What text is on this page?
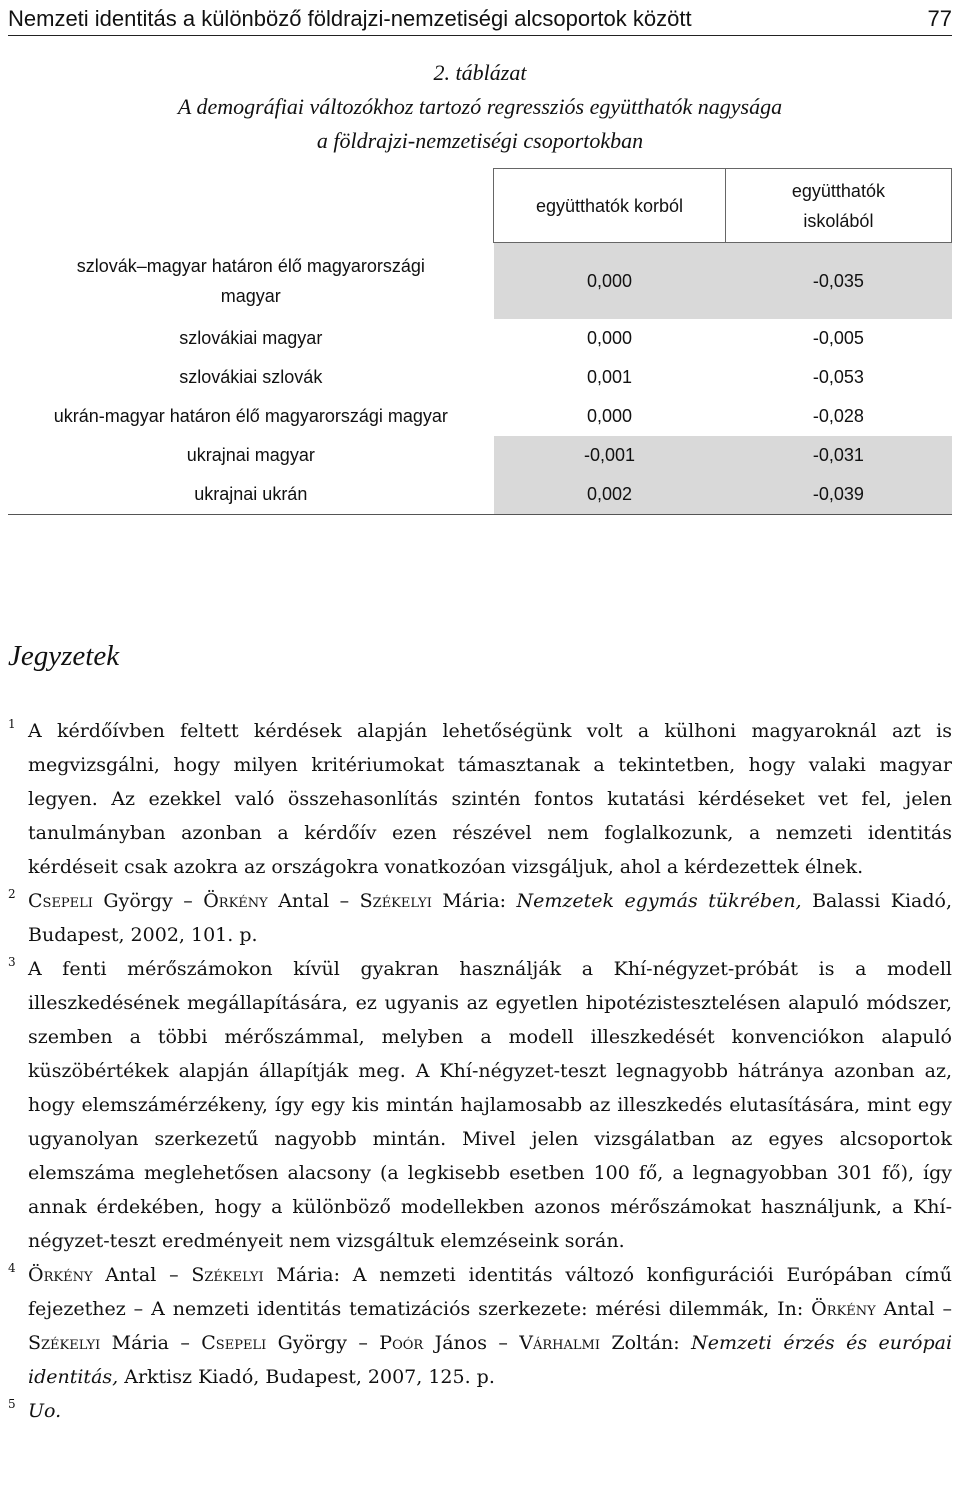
Nemzeti identitás a különböző földrajzi-nemzetiségi alcsoportok között	77
2. táblázat
A demográfiai változókhoz tartozó regressziós együtthatók nagysága
a földrajzi-nemzetiségi csoportokban
	együtthatók korból	együtthatók
iskolából
szlovák–magyar határon élő magyarországi
magyar	0,000	-0,035
szlovákiai magyar	0,000	-0,005
szlovákiai szlovák	0,001	-0,053
ukrán-magyar határon élő magyarországi magyar	0,000	-0,028
ukrajnai magyar	-0,001	-0,031
ukrajnai ukrán	0,002	-0,039
Jegyzetek
1 A kérdőívben feltett kérdések alapján lehetőségünk volt a külhoni magyaroknál azt is megvizsgálni, hogy milyen kritériumokat támasztanak a tekintetben, hogy valaki magyar legyen. Az ezekkel való összehasonlítás szintén fontos kutatási kérdéseket vet fel, jelen tanulmányban azonban a kérdőív ezen részével nem foglalkozunk, a nemzeti identitás kérdéseit csak azokra az országokra vonatkozóan vizsgáljuk, ahol a kérdezettek élnek.

2 Csepeli György – Örkény Antal – Székelyi Mária: Nemzetek egymás tükrében, Balassi Kiadó, Budapest, 2002, 101. p.

3 A fenti mérőszámokon kívül gyakran használják a Khí-négyzet-próbát is a modell illeszkedésének megállapítására, ez ugyanis az egyetlen hipotézistesztelésen alapuló módszer, szemben a többi mérőszámmal, melyben a modell illeszkedését konvenciókon alapuló küszöbértékek alapján állapítják meg. A Khí-négyzet-teszt legnagyobb hátránya azonban az, hogy elemszámérzékeny, így egy kis mintán hajlamosabb az illeszkedés elutasítására, mint egy ugyanolyan szerkezetű nagyobb mintán. Mivel jelen vizsgálatban az egyes alcsoportok elemszáma meglehetősen alacsony (a legkisebb esetben 100 fő, a legnagyobban 301 fő), így annak érdekében, hogy a különböző modellekben azonos mérőszámokat használjunk, a Khí-négyzet-teszt eredményeit nem vizsgáltuk elemzéseink során.

4 Örkény Antal – Székelyi Mária: A nemzeti identitás változó konfigurációi Európában című fejezethez – A nemzeti identitás tematizációs szerkezete: mérési dilemmák, In: Örkény Antal – Székelyi Mária – Csepeli György – Poór János – Várhalmi Zoltán: Nemzeti érzés és európai identitás, Arktisz Kiadó, Budapest, 2007, 125. p.

5 Uo.
